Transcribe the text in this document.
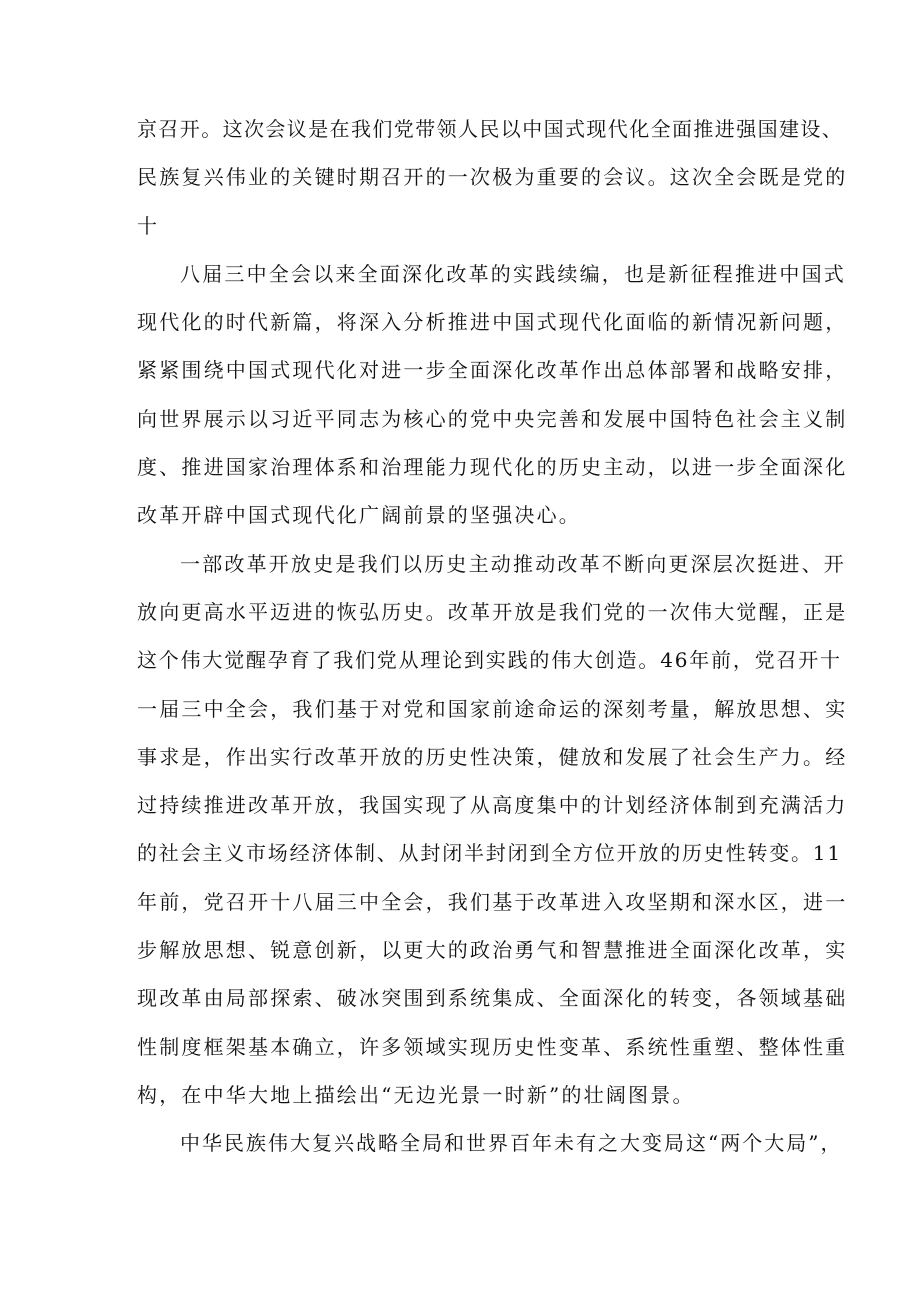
京召开。这次会议是在我们党带领人民以中国式现代化全面推进强国建设、
民族复兴伟业的关键时期召开的一次极为重要的会议。这次全会既是党的
十
八届三中全会以来全面深化改革的实践续编，也是新征程推进中国式
现代化的时代新篇，将深入分析推进中国式现代化面临的新情况新问题，
紧紧围绕中国式现代化对进一步全面深化改革作出总体部署和战略安排，
向世界展示以习近平同志为核心的党中央完善和发展中国特色社会主义制
度、推进国家治理体系和治理能力现代化的历史主动，以进一步全面深化
改革开辟中国式现代化广阔前景的坚强决心。
一部改革开放史是我们以历史主动推动改革不断向更深层次挺进、开
放向更高水平迈进的恢弘历史。改革开放是我们党的一次伟大觉醒，正是
这个伟大觉醒孕育了我们党从理论到实践的伟大创造。46年前，党召开十
一届三中全会，我们基于对党和国家前途命运的深刻考量，解放思想、实
事求是，作出实行改革开放的历史性决策，健放和发展了社会生产力。经
过持续推进改革开放，我国实现了从高度集中的计划经济体制到充满活力
的社会主义市场经济体制、从封闭半封闭到全方位开放的历史性转变。11
年前，党召开十八届三中全会，我们基于改革进入攻坚期和深水区，进一
步解放思想、锐意创新，以更大的政治勇气和智慧推进全面深化改革，实
现改革由局部探索、破冰突围到系统集成、全面深化的转变，各领域基础
性制度框架基本确立，许多领域实现历史性变革、系统性重塑、整体性重
构，在中华大地上描绘出“无边光景一时新”的壮阔图景。
中华民族伟大复兴战略全局和世界百年未有之大变局这“两个大局”，
